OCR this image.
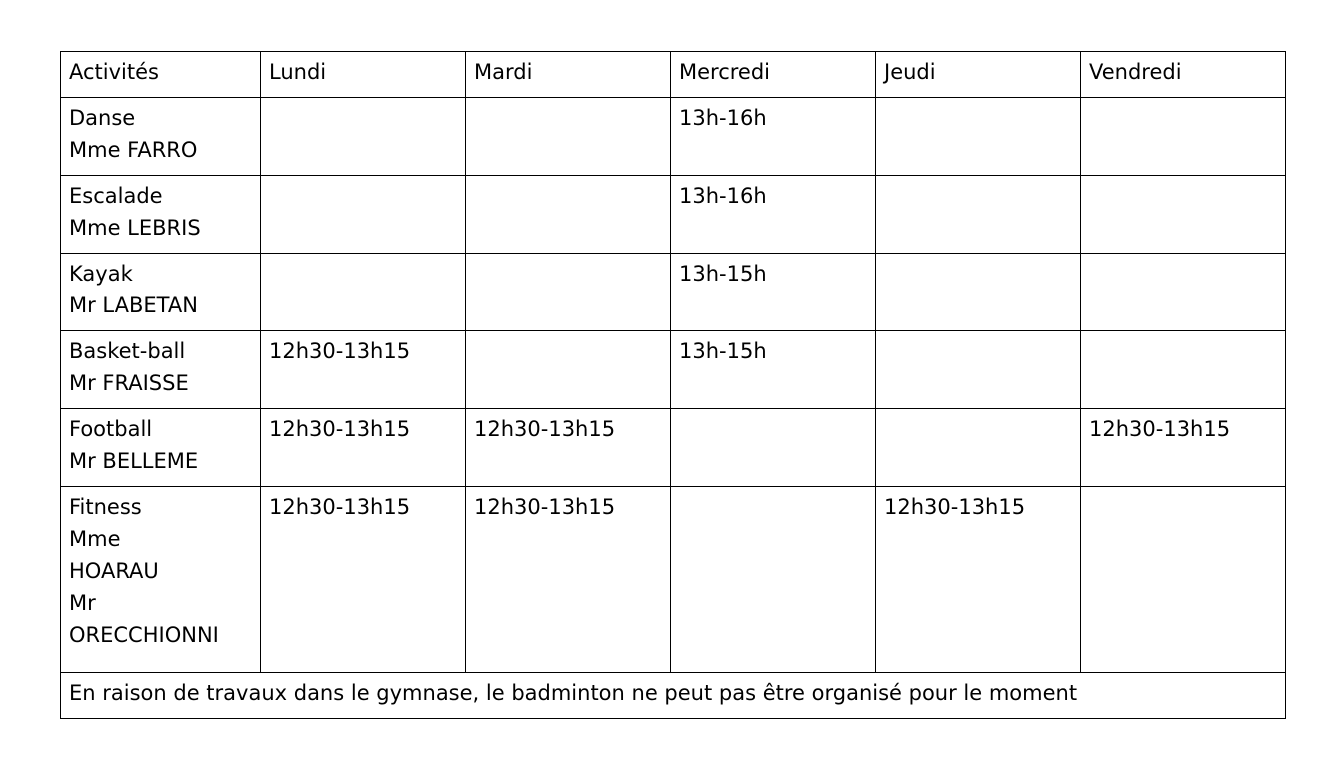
Activités	Lundi	Mardi	Mercredi	Jeudi	Vendredi

Danse
Mme FARRO			13h-16h		

Escalade
Mme LEBRIS			13h-16h		

Kayak
Mr LABETAN			13h-15h		

Basket-ball
Mr FRAISSE	12h30-13h15		13h-15h		

Football
Mr BELLEME	12h30-13h15	12h30-13h15			12h30-13h15

Fitness
Mme
HOARAU
Mr
ORECCHIONNI	12h30-13h15	12h30-13h15		12h30-13h15	
En raison de travaux dans le gymnase, le badminton ne peut pas être organisé pour le moment					
